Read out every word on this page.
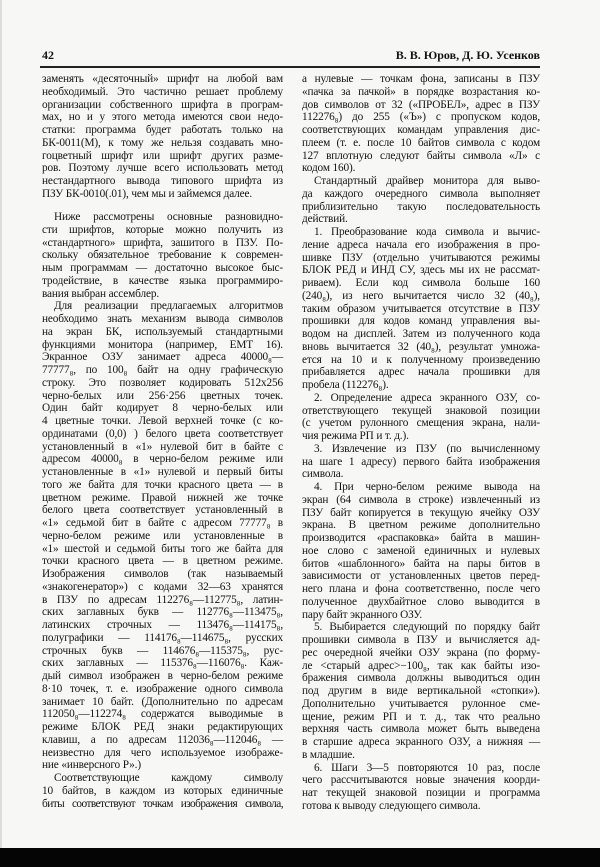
42	В. В. Юров, Д. Ю. Усенков
заменять «десяточный» шрифт на любой вам
необходимый. Это частично решает проблему
организации собственного шрифта в програм-
мах, но и у этого метода имеются свои недо-
статки: программа будет работать только на
БК-0011(М), к тому же нельзя создавать мно-
гоцветный шрифт или шрифт других разме-
ров. Поэтому лучше всего использовать метод
нестандартного вывода типового шрифта из
ПЗУ БК-0010(.01), чем мы и займемся далее.
Ниже рассмотрены основные разновидно-
сти шрифтов, которые можно получить из
«стандартного» шрифта, зашитого в ПЗУ. По-
скольку обязательное требование к современ-
ным программам — достаточно высокое быс-
тродействие, в качестве языка программиро-
вания выбран ассемблер.
Для реализации предлагаемых алгоритмов
необходимо знать механизм вывода символов
на экран БК, используемый стандартными
функциями монитора (например, ЕМТ 16).
Экранное ОЗУ занимает адреса 40000₈—
77777₈, по 100₈ байт на одну графическую
строку. Это позволяет кодировать 512x256
черно-белых или 256·256 цветных точек.
Один байт кодирует 8 черно-белых или
4 цветные точки. Левой верхней точке (с ко-
ординатами (0,0) ) белого цвета соответствует
установленный в «1» нулевой бит в байте с
адресом 40000₈ в черно-белом режиме или
установленные в «1» нулевой и первый биты
того же байта для точки красного цвета — в
цветном режиме. Правой нижней же точке
белого цвета соответствует установленный в
«1» седьмой бит в байте с адресом 77777₈ в
черно-белом режиме или установленные в
«1» шестой и седьмой биты того же байта для
точки красного цвета — в цветном режиме.
Изображения символов (так называемый
«знакогенератор») с кодами 32—63 хранятся
в ПЗУ по адресам 112276₈—112775₈, латин-
ских заглавных букв — 112776₈—113475₈,
латинских строчных — 113476₈—114175₈,
полуграфики — 114176₈—114675₈, русских
строчных букв — 114676₈—115375₈, рус-
ских заглавных — 115376₈—116076₈. Каж-
дый символ изображен в черно-белом режиме
8·10 точек, т. е. изображение одного символа
занимает 10 байт. (Дополнительно по адресам
112050₈—112274₈ содержатся выводимые в
режиме БЛОК РЕД знаки редактирующих
клавиш, а по адресам 112036₈—112046₈ —
неизвестно для чего используемое изображе-
ние «инверсного Р».)
Соответствующие каждому символу
10 байтов, в каждом из которых единичные
биты соответствуют точкам изображения символа,
а нулевые — точкам фона, записаны в ПЗУ
«пачка за пачкой» в порядке возрастания ко-
дов символов от 32 («ПРОБЕЛ», адрес в ПЗУ
112276₈) до 255 («Ъ») с пропуском кодов,
соответствующих командам управления дис-
плеем (т. е. после 10 байтов символа с кодом
127 вплотную следуют байты символа «Л» с
кодом 160).
Стандартный драйвер монитора для выво-
да каждого очередного символа выполняет
приблизительно такую последовательность
действий.
1. Преобразование кода символа и вычис-
ление адреса начала его изображения в про-
шивке ПЗУ (отдельно учитываются режимы
БЛОК РЕД и ИНД СУ, здесь мы их не рассмат-
риваем). Если код символа больше 160
(240₈), из него вычитается число 32 (40₈),
таким образом учитывается отсутствие в ПЗУ
прошивки для кодов команд управления вы-
водом на дисплей. Затем из полученного кода
вновь вычитается 32 (40₈), результат умножа-
ется на 10 и к полученному произведению
прибавляется адрес начала прошивки для
пробела (112276₈).
2. Определение адреса экранного ОЗУ, со-
ответствующего текущей знаковой позиции
(с учетом рулонного смещения экрана, нали-
чия режима РП и т. д.).
3. Извлечение из ПЗУ (по вычисленному
на шаге 1 адресу) первого байта изображения
символа.
4. При черно-белом режиме вывода на
экран (64 символа в строке) извлеченный из
ПЗУ байт копируется в текущую ячейку ОЗУ
экрана. В цветном режиме дополнительно
производится «распаковка» байта в машин-
ное слово с заменой единичных и нулевых
битов «шаблонного» байта на пары битов в
зависимости от установленных цветов перед-
него плана и фона соответственно, после чего
полученное двухбайтное слово выводится в
пару байт экранного ОЗУ.
5. Выбирается следующий по порядку байт
прошивки символа в ПЗУ и вычисляется ад-
рес очередной ячейки ОЗУ экрана (по форму-
ле <старый адрес>−100₈, так как байты изо-
бражения символа должны выводиться один
под другим в виде вертикальной «стопки»).
Дополнительно учитывается рулонное сме-
щение, режим РП и т. д., так что реально
верхняя часть символа может быть выведена
в старшие адреса экранного ОЗУ, а нижняя —
в младшие.
6. Шаги 3—5 повторяются 10 раз, после
чего рассчитываются новые значения коорди-
нат текущей знаковой позиции и программа
готова к выводу следующего символа.
